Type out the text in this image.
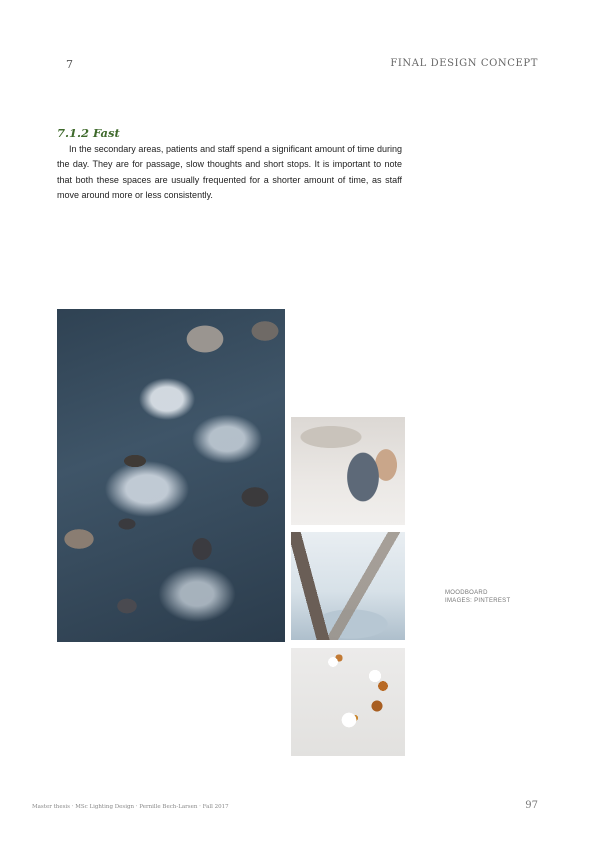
7	FINAL DESIGN CONCEPT
7.1.2 Fast

In the secondary areas, patients and staff spend a significant amount of time during the day. They are for passage, slow thoughts and short stops. It is important to note that both these spaces are usually frequented for a shorter amount of time, as staff move around more or less consistently.

MOODBOARD
IMAGES: PINTEREST
Master thesis · MSc Lighting Design · Pernille Bech-Larsen · Fall 2017	97
